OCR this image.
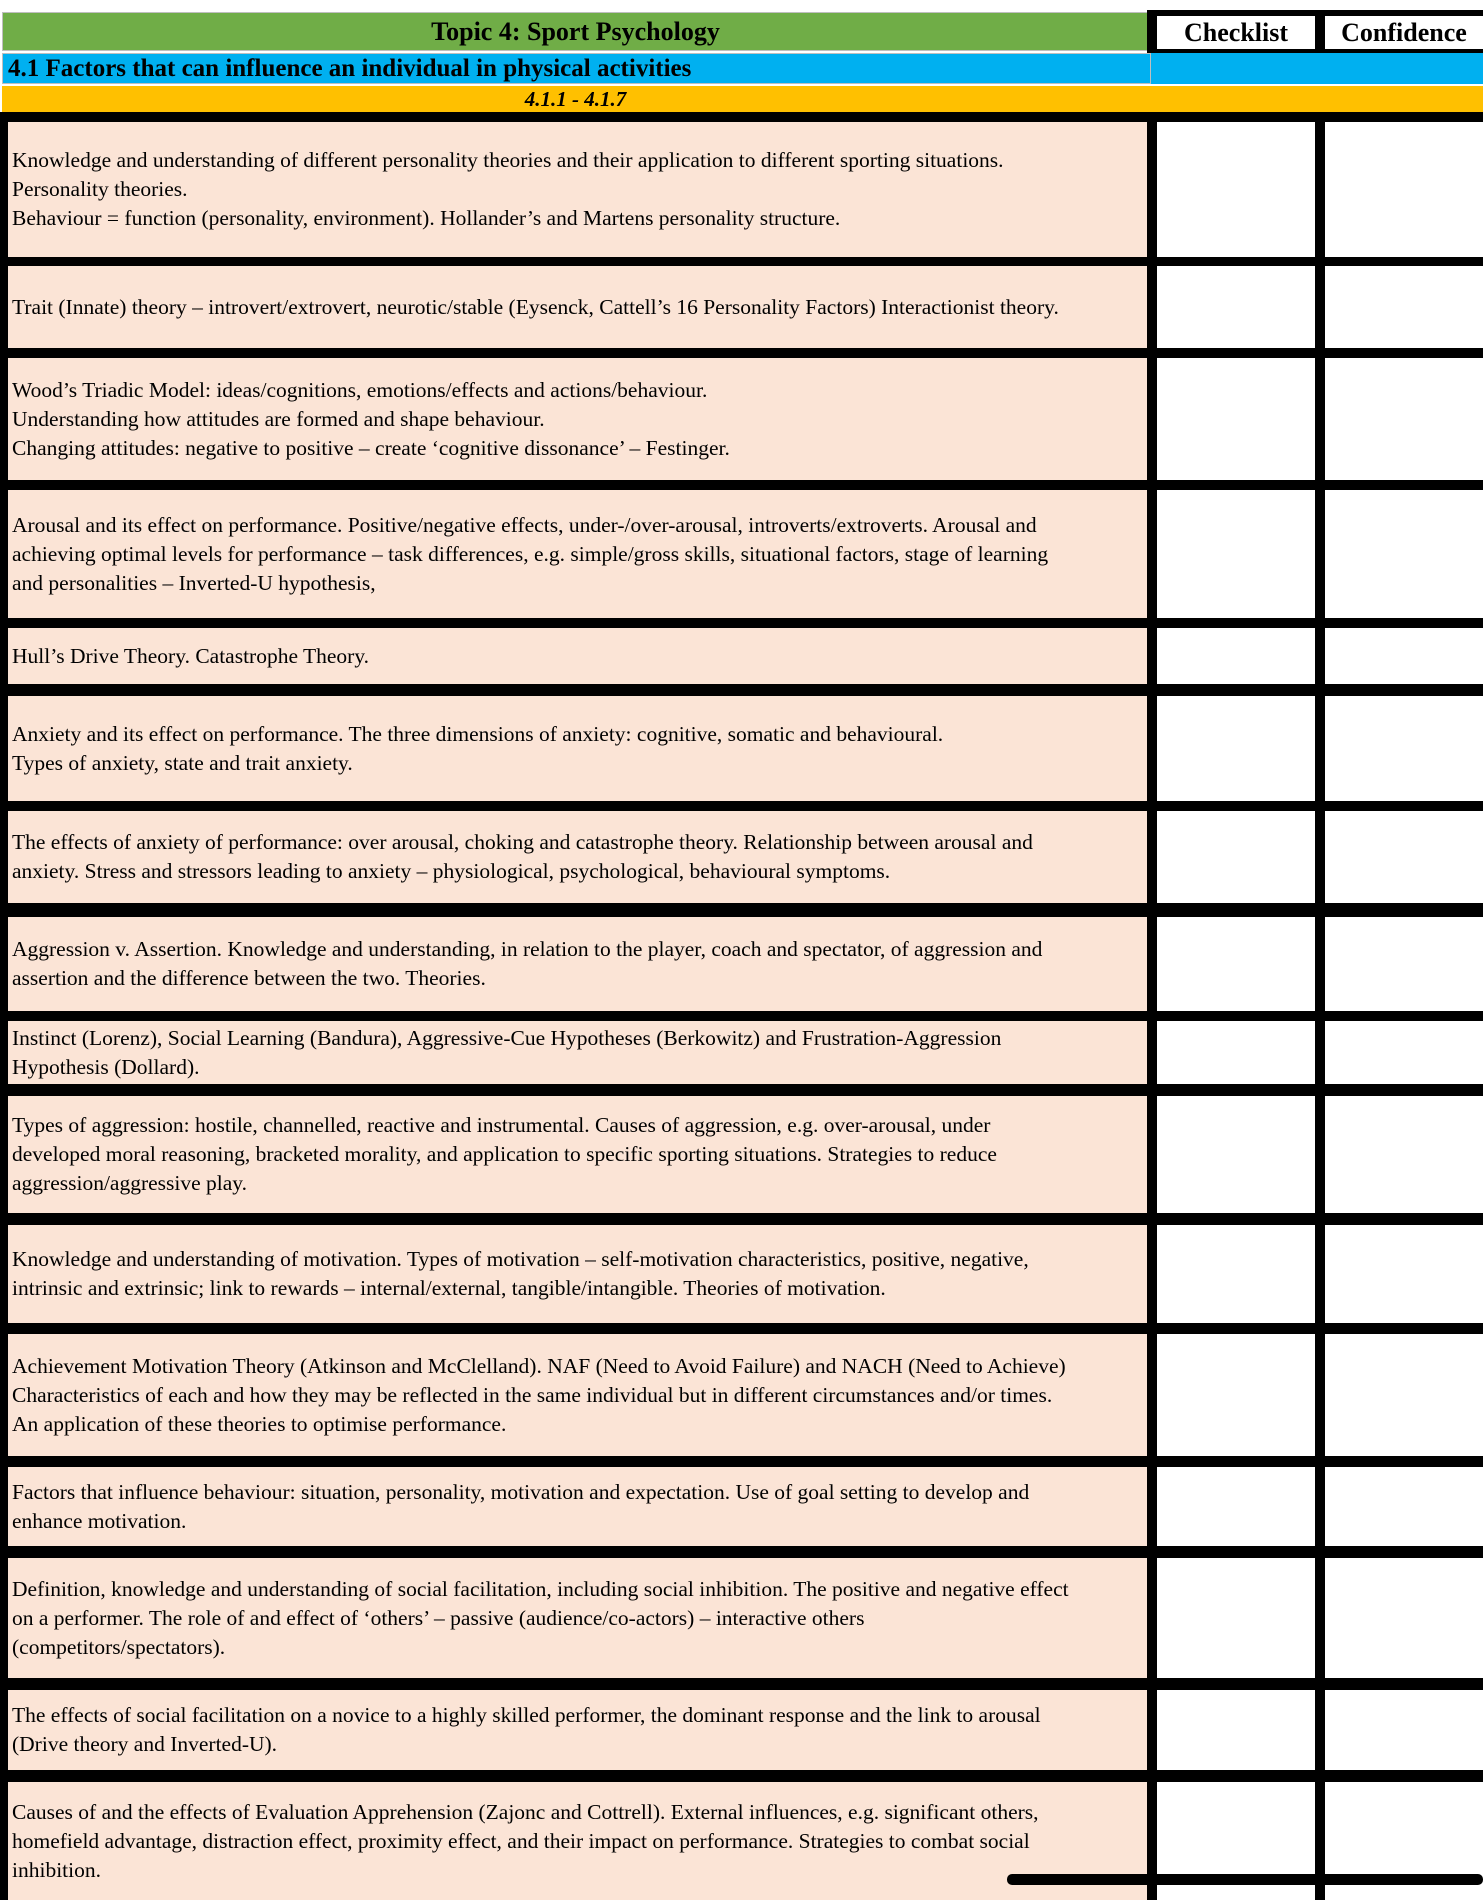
Topic 4: Sport Psychology	Checklist	Confidence
4.1 Factors that can influence an individual in physical activities
4.1.1 - 4.1.7

Knowledge and understanding of different personality theories and their application to different sporting situations.
Personality theories.
Behaviour = function (personality, environment). Hollander’s and Martens personality structure.

Trait (Innate) theory – introvert/extrovert, neurotic/stable (Eysenck, Cattell’s 16 Personality Factors) Interactionist theory.

Wood’s Triadic Model: ideas/cognitions, emotions/effects and actions/behaviour.
Understanding how attitudes are formed and shape behaviour.
Changing attitudes: negative to positive – create ‘cognitive dissonance’ – Festinger.

Arousal and its effect on performance. Positive/negative effects, under-/over-arousal, introverts/extroverts. Arousal and
achieving optimal levels for performance – task differences, e.g. simple/gross skills, situational factors, stage of learning
and personalities – Inverted-U hypothesis,

Hull’s Drive Theory. Catastrophe Theory.

Anxiety and its effect on performance. The three dimensions of anxiety: cognitive, somatic and behavioural.
Types of anxiety, state and trait anxiety.

The effects of anxiety of performance: over arousal, choking and catastrophe theory. Relationship between arousal and
anxiety. Stress and stressors leading to anxiety – physiological, psychological, behavioural symptoms.

Aggression v. Assertion. Knowledge and understanding, in relation to the player, coach and spectator, of aggression and
assertion and the difference between the two. Theories.

Instinct (Lorenz), Social Learning (Bandura), Aggressive-Cue Hypotheses (Berkowitz) and Frustration-Aggression
Hypothesis (Dollard).

Types of aggression: hostile, channelled, reactive and instrumental. Causes of aggression, e.g. over-arousal, under
developed moral reasoning, bracketed morality, and application to specific sporting situations. Strategies to reduce
aggression/aggressive play.

Knowledge and understanding of motivation. Types of motivation – self-motivation characteristics, positive, negative,
intrinsic and extrinsic; link to rewards – internal/external, tangible/intangible. Theories of motivation.

Achievement Motivation Theory (Atkinson and McClelland). NAF (Need to Avoid Failure) and NACH (Need to Achieve)
Characteristics of each and how they may be reflected in the same individual but in different circumstances and/or times.
An application of these theories to optimise performance.

Factors that influence behaviour: situation, personality, motivation and expectation. Use of goal setting to develop and
enhance motivation.

Definition, knowledge and understanding of social facilitation, including social inhibition. The positive and negative effect
on a performer. The role of and effect of ‘others’ – passive (audience/co-actors) – interactive others
(competitors/spectators).

The effects of social facilitation on a novice to a highly skilled performer, the dominant response and the link to arousal
(Drive theory and Inverted-U).

Causes of and the effects of Evaluation Apprehension (Zajonc and Cottrell). External influences, e.g. significant others,
homefield advantage, distraction effect, proximity effect, and their impact on performance. Strategies to combat social
inhibition.
